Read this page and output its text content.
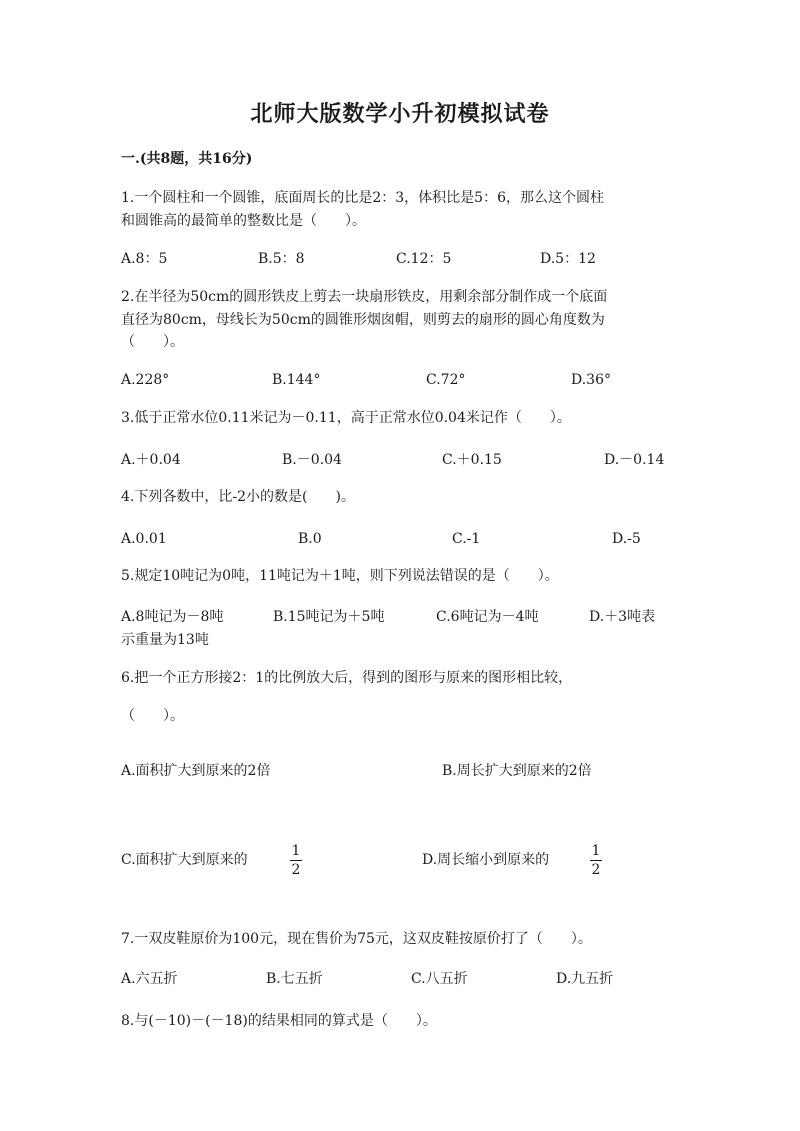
北师大版数学小升初模拟试卷
一.(共8题，共16分)
1.一个圆柱和一个圆锥，底面周长的比是2：3，体积比是5：6，那么这个圆柱
和圆锥高的最简单的整数比是（　　）。
A.8：5	B.5：8	C.12：5	D.5：12
2.在半径为50cm的圆形铁皮上剪去一块扇形铁皮，用剩余部分制作成一个底面
直径为80cm，母线长为50cm的圆锥形烟囱帽，则剪去的扇形的圆心角度数为
（　　）。
A.228°	B.144°	C.72°	D.36°
3.低于正常水位0.11米记为－0.11，高于正常水位0.04米记作（　　）。
A.＋0.04	B.－0.04	C.＋0.15	D.－0.14
4.下列各数中，比-2小的数是(　　)。
A.0.01	B.0	C.-1	D.-5
5.规定10吨记为0吨，11吨记为＋1吨，则下列说法错误的是（　　）。
A.8吨记为－8吨	B.15吨记为＋5吨	C.6吨记为－4吨	D.＋3吨表
示重量为13吨
6.把一个正方形接2：1的比例放大后，得到的图形与原来的图形相比较，
（　　）。
A.面积扩大到原来的2倍	B.周长扩大到原来的2倍
C.面积扩大到原来的
1
2
D.周长缩小到原来的
1
2
7.一双皮鞋原价为100元，现在售价为75元，这双皮鞋按原价打了（　　）。
A.六五折	B.七五折	C.八五折	D.九五折
8.与(－10)－(－18)的结果相同的算式是（　　）。
